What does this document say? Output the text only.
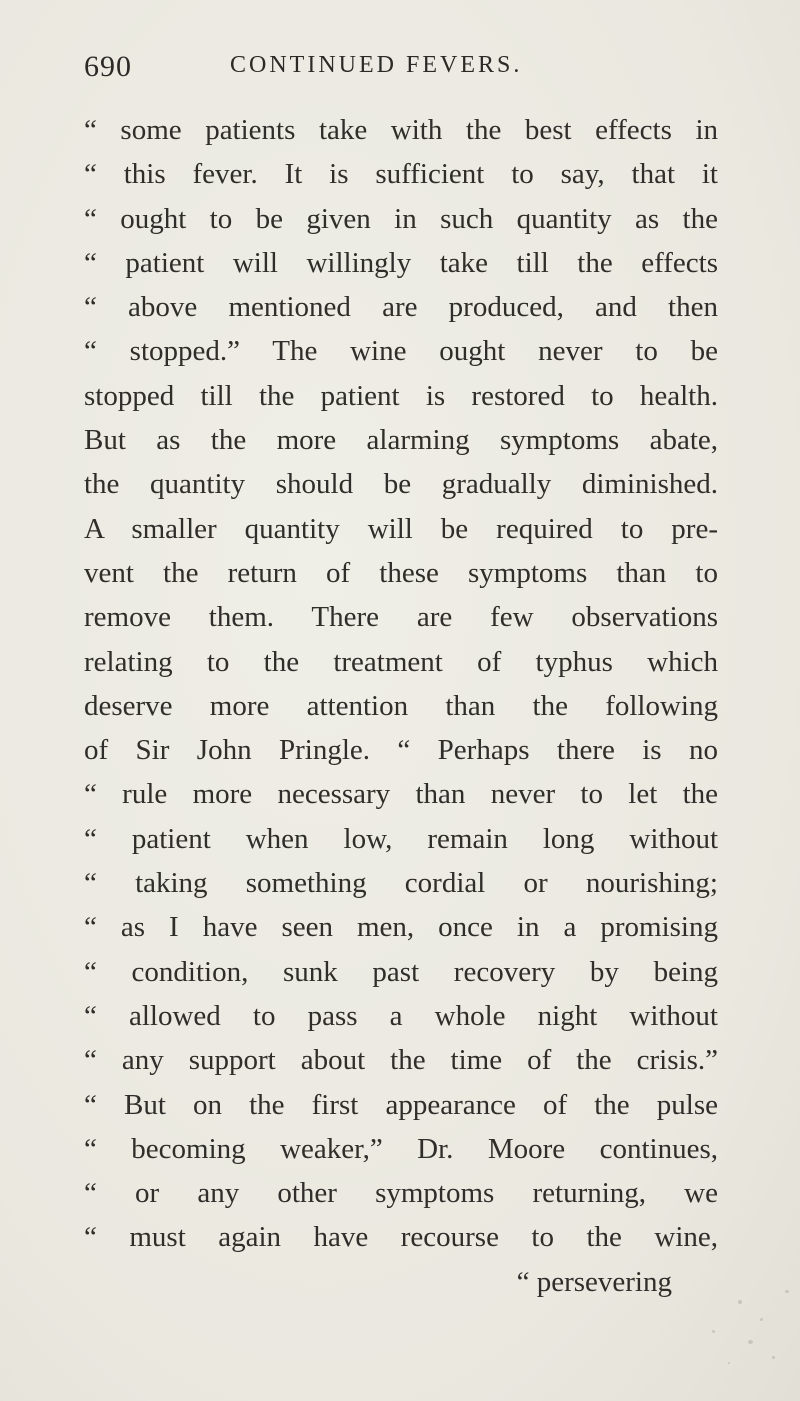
690	CONTINUED FEVERS.
“ some patients take with the best effects in
“ this fever. It is sufficient to say, that it
“ ought to be given in such quantity as the
“ patient will willingly take till the effects
“ above mentioned are produced, and then
“ stopped.” The wine ought never to be
stopped till the patient is restored to health.
But as the more alarming symptoms abate,
the quantity should be gradually diminished.
A smaller quantity will be required to pre-
vent the return of these symptoms than to
remove them. There are few observations
relating to the treatment of typhus which
deserve more attention than the following
of Sir John Pringle. “ Perhaps there is no
“ rule more necessary than never to let the
“ patient when low, remain long without
“ taking something cordial or nourishing;
“ as I have seen men, once in a promising
“ condition, sunk past recovery by being
“ allowed to pass a whole night without
“ any support about the time of the crisis.”
“ But on the first appearance of the pulse
“ becoming weaker,” Dr. Moore continues,
“ or any other symptoms returning, we
“ must again have recourse to the wine,
“ persevering
